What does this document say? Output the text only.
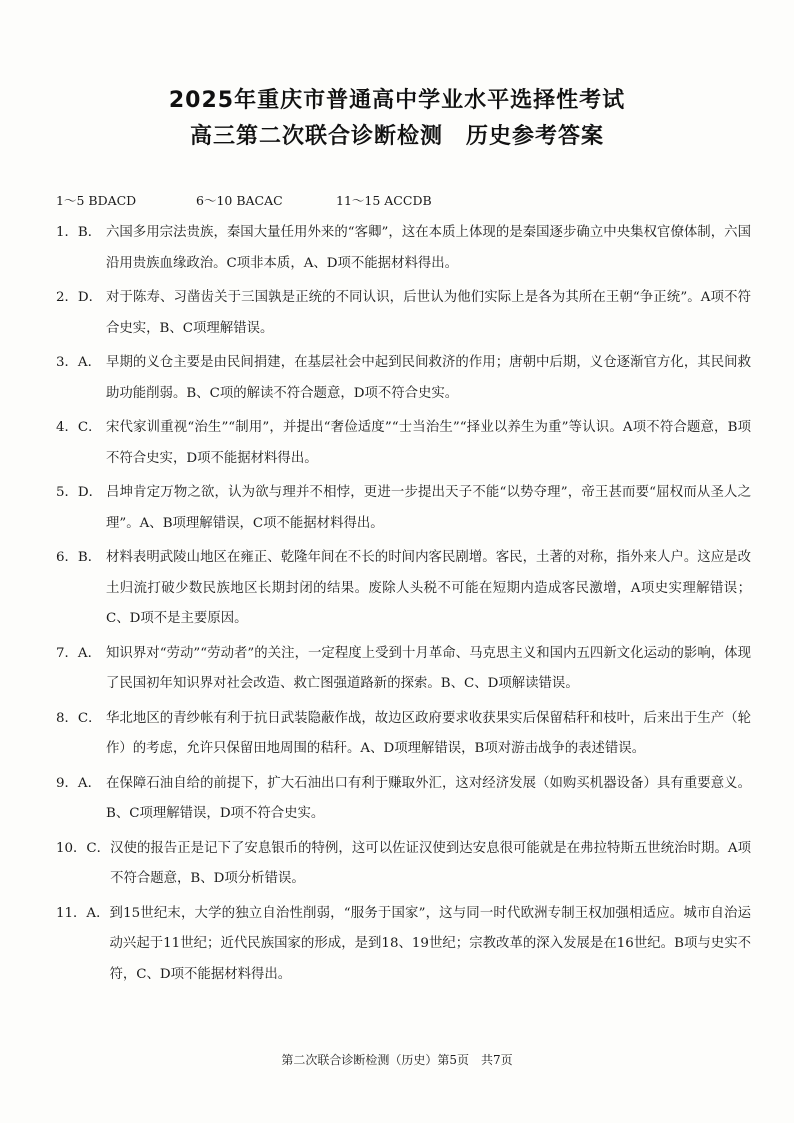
2025年重庆市普通高中学业水平选择性考试
高三第二次联合诊断检测　历史参考答案
1～5 BDACD	6～10 BACAC	11～15 ACCDB
1．B． 六国多用宗法贵族，秦国大量任用外来的“客卿”，这在本质上体现的是秦国逐步确立中央集权官僚体制，六国沿用贵族血缘政治。C项非本质，A、D项不能据材料得出。
2．D． 对于陈寿、习凿齿关于三国孰是正统的不同认识，后世认为他们实际上是各为其所在王朝“争正统”。A项不符合史实，B、C项理解错误。
3．A． 早期的义仓主要是由民间捐建，在基层社会中起到民间救济的作用；唐朝中后期，义仓逐渐官方化，其民间救助功能削弱。B、C项的解读不符合题意，D项不符合史实。
4．C． 宋代家训重视“治生”“制用”，并提出“奢俭适度”“士当治生”“择业以养生为重”等认识。A项不符合题意，B项不符合史实，D项不能据材料得出。
5．D． 吕坤肯定万物之欲，认为欲与理并不相悖，更进一步提出天子不能“以势夺理”，帝王甚而要“屈权而从圣人之理”。A、B项理解错误，C项不能据材料得出。
6．B． 材料表明武陵山地区在雍正、乾隆年间在不长的时间内客民剧增。客民，土著的对称，指外来人户。这应是改土归流打破少数民族地区长期封闭的结果。废除人头税不可能在短期内造成客民激增，A项史实理解错误；C、D项不是主要原因。
7．A． 知识界对“劳动”“劳动者”的关注，一定程度上受到十月革命、马克思主义和国内五四新文化运动的影响，体现了民国初年知识界对社会改造、救亡图强道路新的探索。B、C、D项解读错误。
8．C． 华北地区的青纱帐有利于抗日武装隐蔽作战，故边区政府要求收获果实后保留秸秆和枝叶，后来出于生产（轮作）的考虑，允许只保留田地周围的秸秆。A、D项理解错误，B项对游击战争的表述错误。
9．A． 在保障石油自给的前提下，扩大石油出口有利于赚取外汇，这对经济发展（如购买机器设备）具有重要意义。B、C项理解错误，D项不符合史实。
10．C． 汉使的报告正是记下了安息银币的特例，这可以佐证汉使到达安息很可能就是在弗拉特斯五世统治时期。A项不符合题意，B、D项分析错误。
11．A． 到15世纪末，大学的独立自治性削弱，“服务于国家”，这与同一时代欧洲专制王权加强相适应。城市自治运动兴起于11世纪；近代民族国家的形成，是到18、19世纪；宗教改革的深入发展是在16世纪。B项与史实不符，C、D项不能据材料得出。
第二次联合诊断检测（历史）第5页　共7页
